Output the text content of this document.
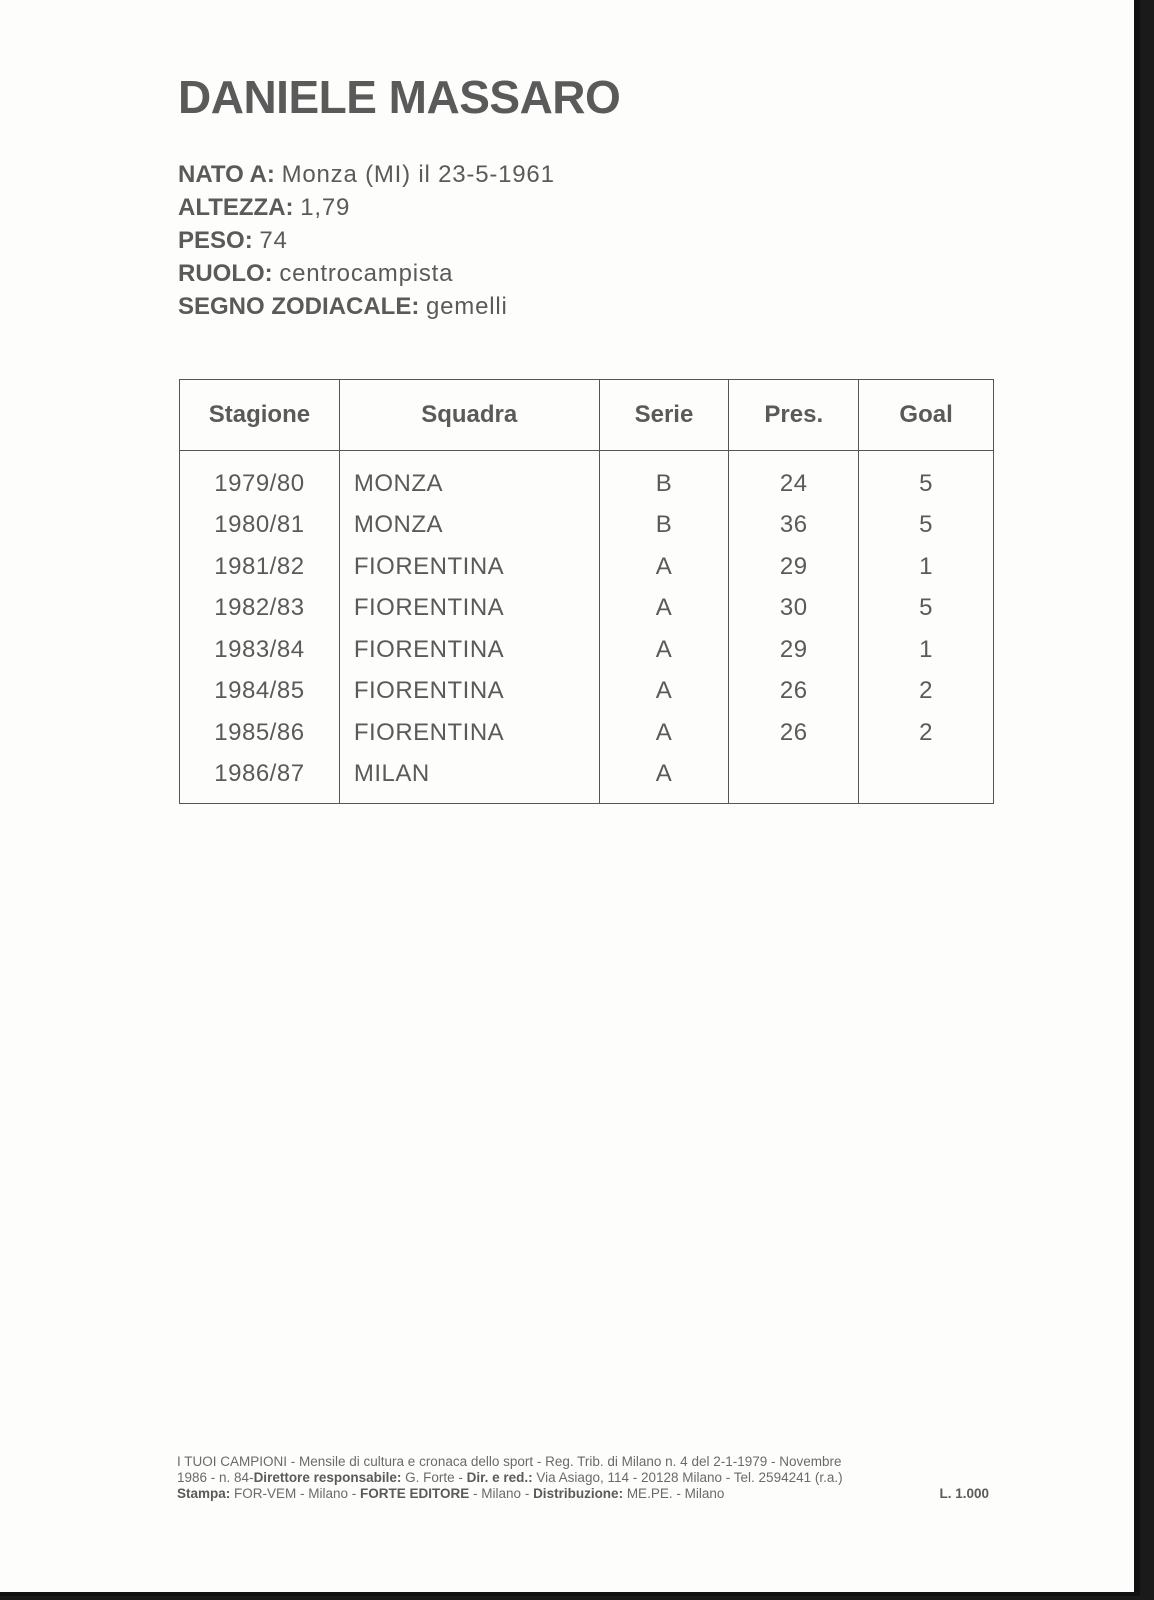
DANIELE MASSARO
NATO A: Monza (MI) il 23-5-1961
ALTEZZA: 1,79
PESO: 74
RUOLO: centrocampista
SEGNO ZODIACALE: gemelli
Stagione	Squadra	Serie	Pres.	Goal
1979/80	MONZA	B	24	5
1980/81	MONZA	B	36	5
1981/82	FIORENTINA	A	29	1
1982/83	FIORENTINA	A	30	5
1983/84	FIORENTINA	A	29	1
1984/85	FIORENTINA	A	26	2
1985/86	FIORENTINA	A	26	2
1986/87	MILAN	A		
I TUOI CAMPIONI - Mensile di cultura e cronaca dello sport - Reg. Trib. di Milano n. 4 del 2-1-1979 - Novembre
1986 - n. 84-Direttore responsabile: G. Forte - Dir. e red.: Via Asiago, 114 - 20128 Milano - Tel. 2594241 (r.a.)
Stampa: FOR-VEM - Milano - FORTE EDITORE - Milano - Distribuzione: ME.PE. - Milano	L. 1.000
